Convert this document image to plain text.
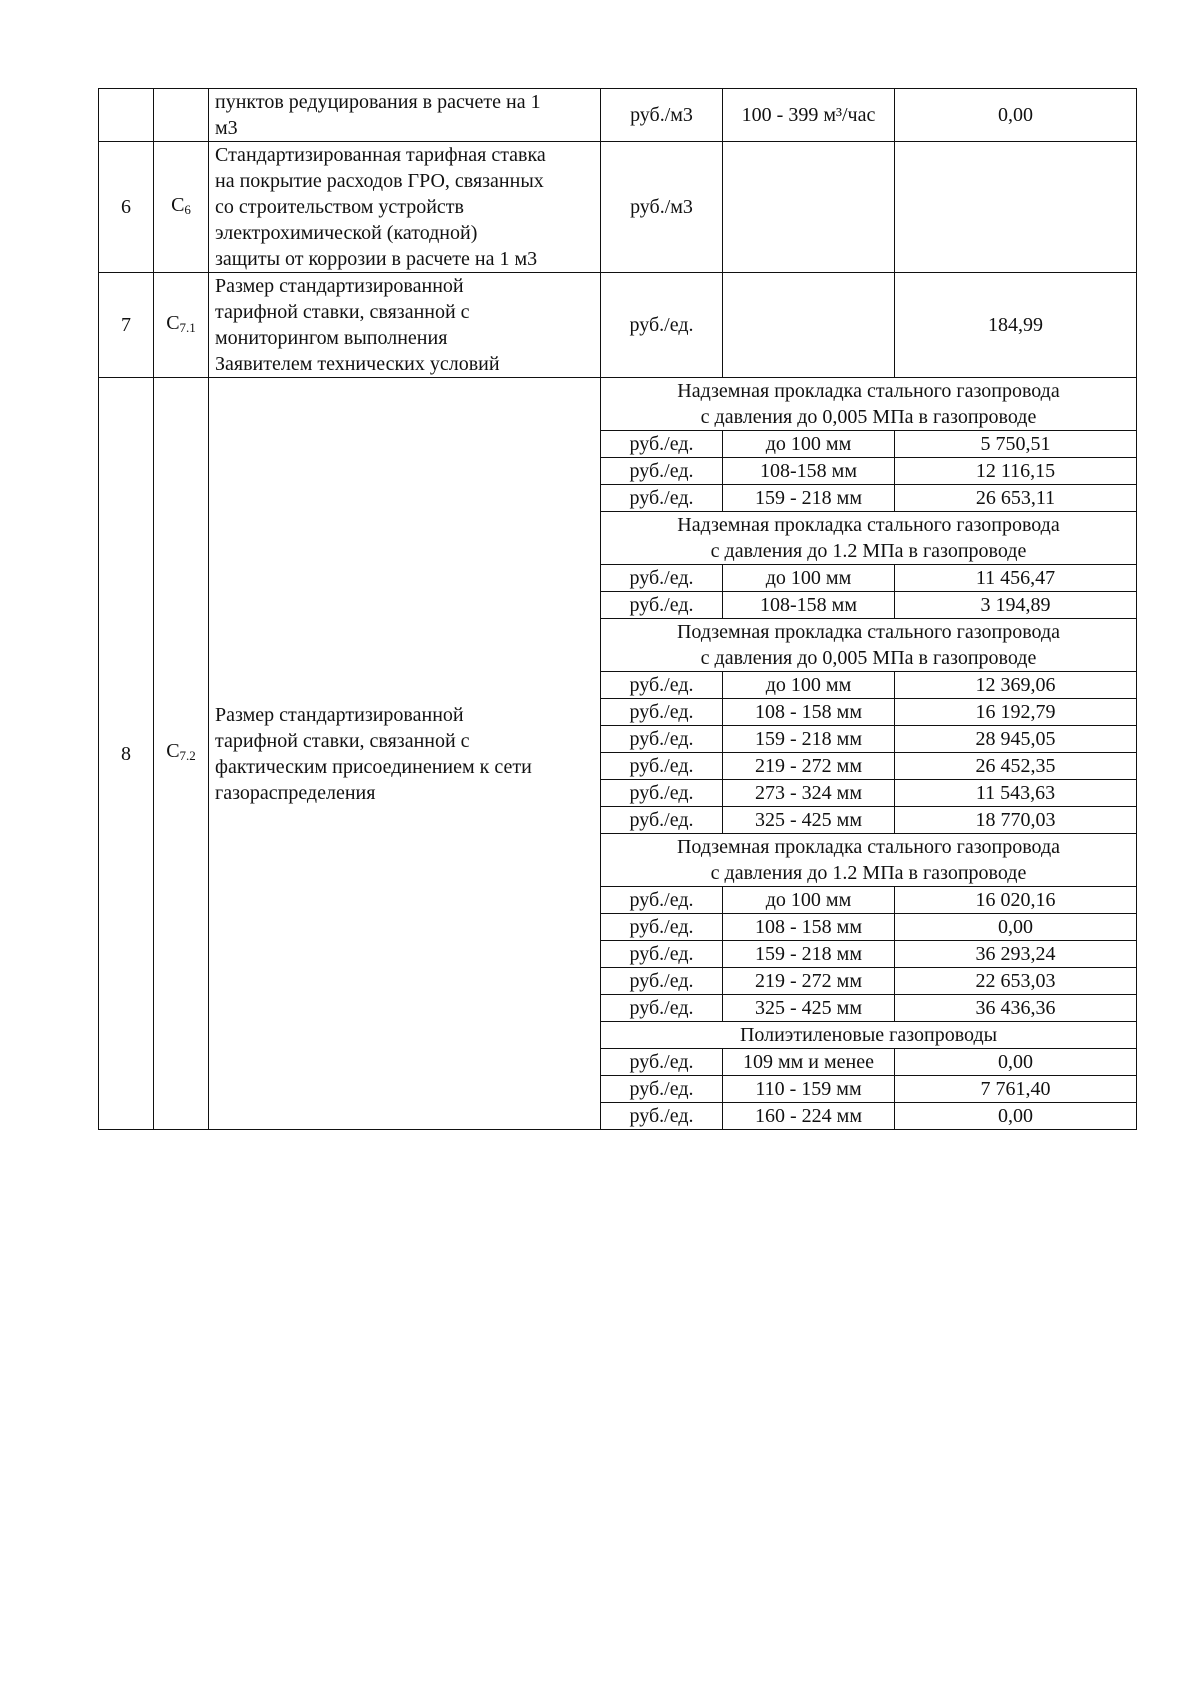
		пунктов редуцирования в расчете на 1
м3	руб./м3	100 - 399 м³/час	0,00
6	$C_6$	Стандартизированная тарифная ставка
на покрытие расходов ГРО, связанных
со строительством устройств
электрохимической (катодной)
защиты от коррозии в расчете на 1 м3	руб./м3		
7	$C_{7.1}$	Размер стандартизированной
тарифной ставки, связанной с
мониторингом выполнения
Заявителем технических условий	руб./ед.		184,99
8	$C_{7.2}$	Размер стандартизированной
тарифной ставки, связанной с
фактическим присоединением к сети
газораспределения	Надземная прокладка стального газопровода
с давления до 0,005 МПа в газопроводе		

			руб./ед.	до 100 мм	5 750,51
			руб./ед.	108-158 мм	12 116,15
			руб./ед.	159 - 218 мм	26 653,11

			Надземная прокладка стального газопровода
с давления до 1.2 МПа в газопроводе		

			руб./ед.	до 100 мм	11 456,47
			руб./ед.	108-158 мм	3 194,89

			Подземная прокладка стального газопровода
с давления до 0,005 МПа в газопроводе		

			руб./ед.	до 100 мм	12 369,06
			руб./ед.	108 - 158 мм	16 192,79
			руб./ед.	159 - 218 мм	28 945,05
			руб./ед.	219 - 272 мм	26 452,35
			руб./ед.	273 - 324 мм	11 543,63
			руб./ед.	325 - 425 мм	18 770,03

			Подземная прокладка стального газопровода
с давления до 1.2 МПа в газопроводе		

			руб./ед.	до 100 мм	16 020,16
			руб./ед.	108 - 158 мм	0,00
			руб./ед.	159 - 218 мм	36 293,24
			руб./ед.	219 - 272 мм	22 653,03
			руб./ед.	325 - 425 мм	36 436,36

			Полиэтиленовые газопроводы		

			руб./ед.	109 мм и менее	0,00
			руб./ед.	110 - 159 мм	7 761,40
			руб./ед.	160 - 224 мм	0,00
